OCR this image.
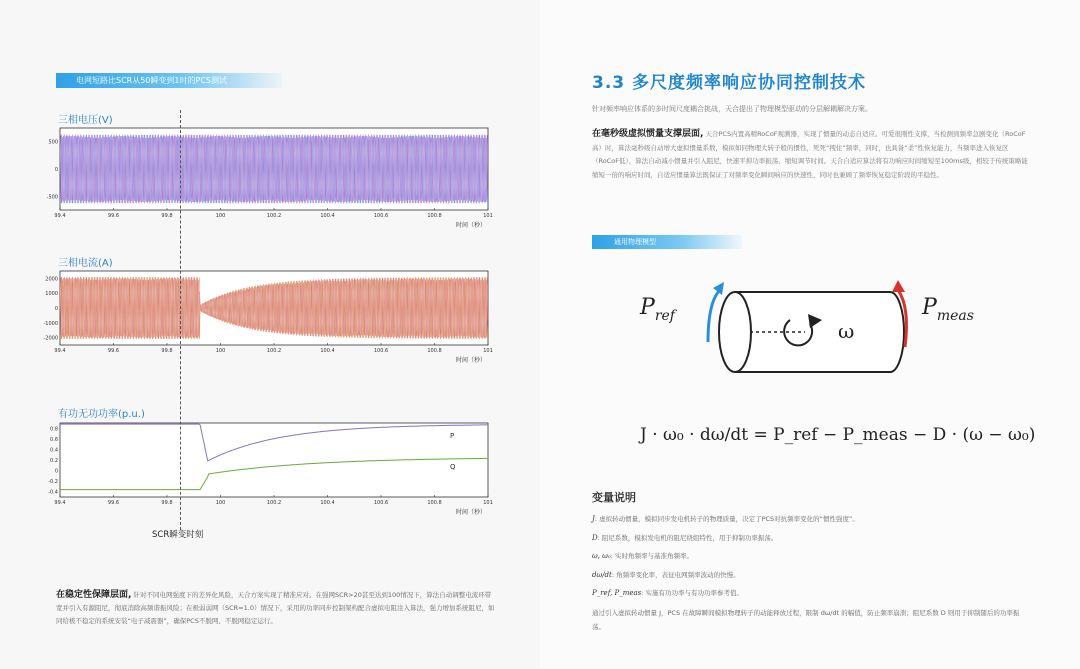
电网短路比SCR从50瞬变到1时的PCS测试
三相电压(V)
500
0
-500
99.4	99.6	99.8	100	100.2	100.4	100.6	100.8	101
时间（秒）
三相电流(A)
2000
1000
0
-1000
-2000
99.4	99.6	99.8	100	100.2	100.4	100.6	100.8	101
时间（秒）
有功无功功率(p.u.)
0.8
0.6
0.4
0.2
0
-0.2
-0.4
99.4	99.6	99.8	100	100.2	100.4	100.6	100.8	101
时间（秒）
P
Q
SCR瞬变时刻
在稳定性保障层面, 针对不同电网强度下的差异化风险，天合方案实现了精准应对。在强网SCR>20甚至达到100情况下，算法自动调整电流环带宽并引入有源阻尼，彻底消除高频谐振风险；在极弱弱网（SCR=1.0）情况下，采用的功率同步控制架构配合虚拟电阻注入算法，强力增加系统阻尼，如同给极不稳定的系统安装“电子减震器”，确保PCS不脱网、不脱网稳定运行。
3.3 多尺度频率响应协同控制技术
针对频率响应体系的多时间尺度耦合挑战，天合提出了物理模型驱动的分层解耦解决方案。
在毫秒级虚拟惯量支撑层面, 天合PCS内置高精RoCoF观测器，实现了惯量的动态自适应。可爱很刚性支撑，当检测到频率急剧变化（RoCoF高）时，算法毫秒级自动增大虚拟惯量系数，模拟如同物理大转子般的惯性，死死“拽住”频率，同时，也具备“柔”性恢复能力，当频率进入恢复区（RoCoF低），算法自动减小惯量并引入阻尼，快速平抑功率振荡，缩短调节时间。天合自适应算法将有功响应时间缩短至100ms级，相较于传统策略能缩短一倍的响应时间，自适应惯量算法既保证了对频率变化瞬间响应的快速性，同时也兼顾了频率恢复稳定阶段的平稳性。
通用物理模型
$P_{ref}$
ω
$P_{meas}$
J · ω₀ · dω/dt = P_ref − P_meas − D · (ω − ω₀)
变量说明
J: 虚拟转动惯量，模拟同步发电机转子的物理质量，决定了PCS对抗频率变化的“惯性强度”。
D: 阻尼系数，模拟发电机的阻尼绕组特性，用于抑制功率振荡。
ω, ω₀: 实时角频率与基准角频率。
dω/dt: 角频率变化率，表征电网频率波动的快慢。
P_ref, P_meas: 实施有功功率与有功功率参考值。
通过引入虚拟转动惯量 J，PCS 在故障瞬间模拟物理转子的动能释放过程，限制 dω/dt 的幅值，防止频率崩溃；阻尼系数 D 则用于抑制随后的功率振荡。
